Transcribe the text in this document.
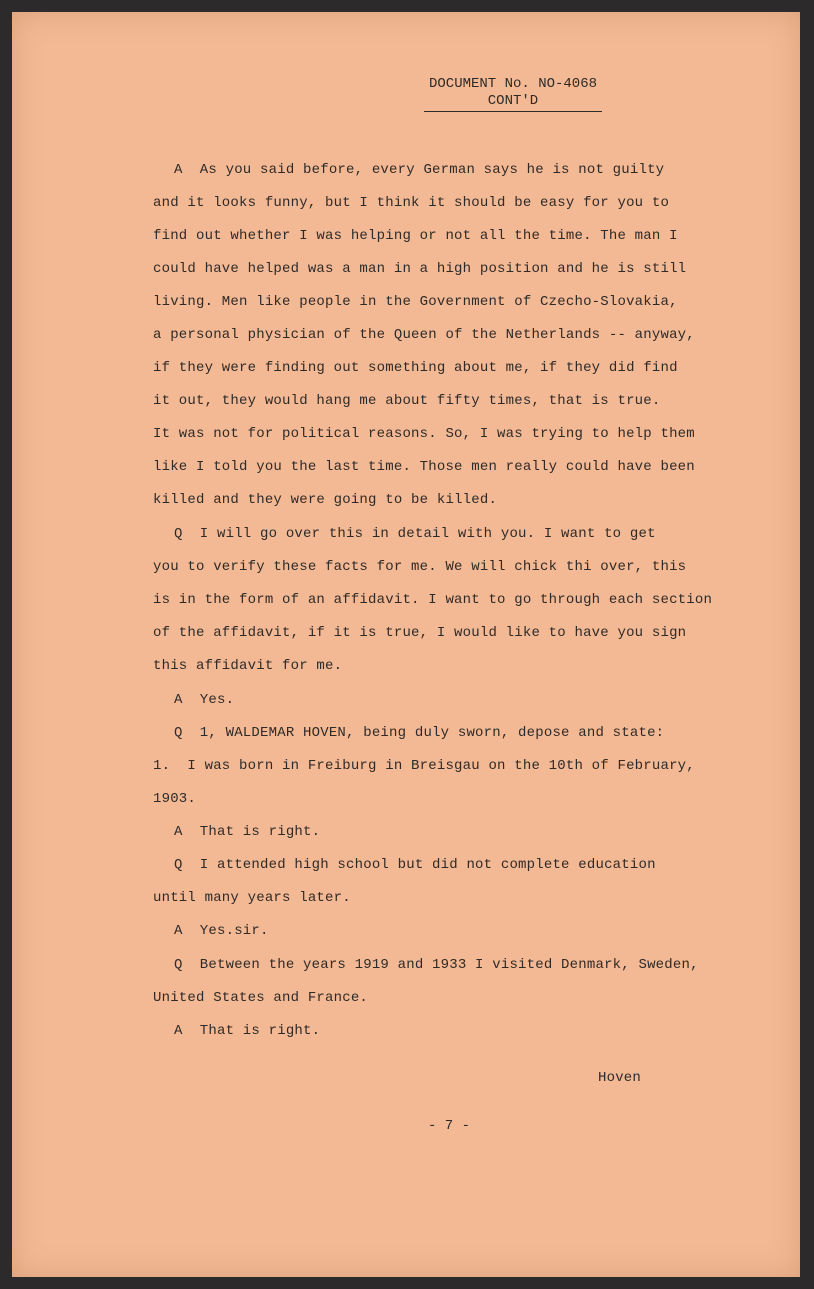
DOCUMENT No. NO-4068

CONT'D
A  As you said before, every German says he is not guilty
and it looks funny, but I think it should be easy for you to
find out whether I was helping or not all the time. The man I
could have helped was a man in a high position and he is still
living. Men like people in the Government of Czecho-Slovakia,
a personal physician of the Queen of the Netherlands -- anyway,
if they were finding out something about me, if they did find
it out, they would hang me about fifty times, that is true.
It was not for political reasons. So, I was trying to help them
like I told you the last time. Those men really could have been
killed and they were going to be killed.
Q  I will go over this in detail with you. I want to get
you to verify these facts for me. We will chick thi over, this
is in the form of an affidavit. I want to go through each section
of the affidavit, if it is true, I would like to have you sign
this affidavit for me.
A  Yes.
Q  1, WALDEMAR HOVEN, being duly sworn, depose and state:
1.  I was born in Freiburg in Breisgau on the 10th of February,
1903.
A  That is right.
Q  I attended high school but did not complete education
until many years later.
A  Yes.sir.
Q  Between the years 1919 and 1933 I visited Denmark, Sweden,
United States and France.
A  That is right.
Hoven
- 7 -
